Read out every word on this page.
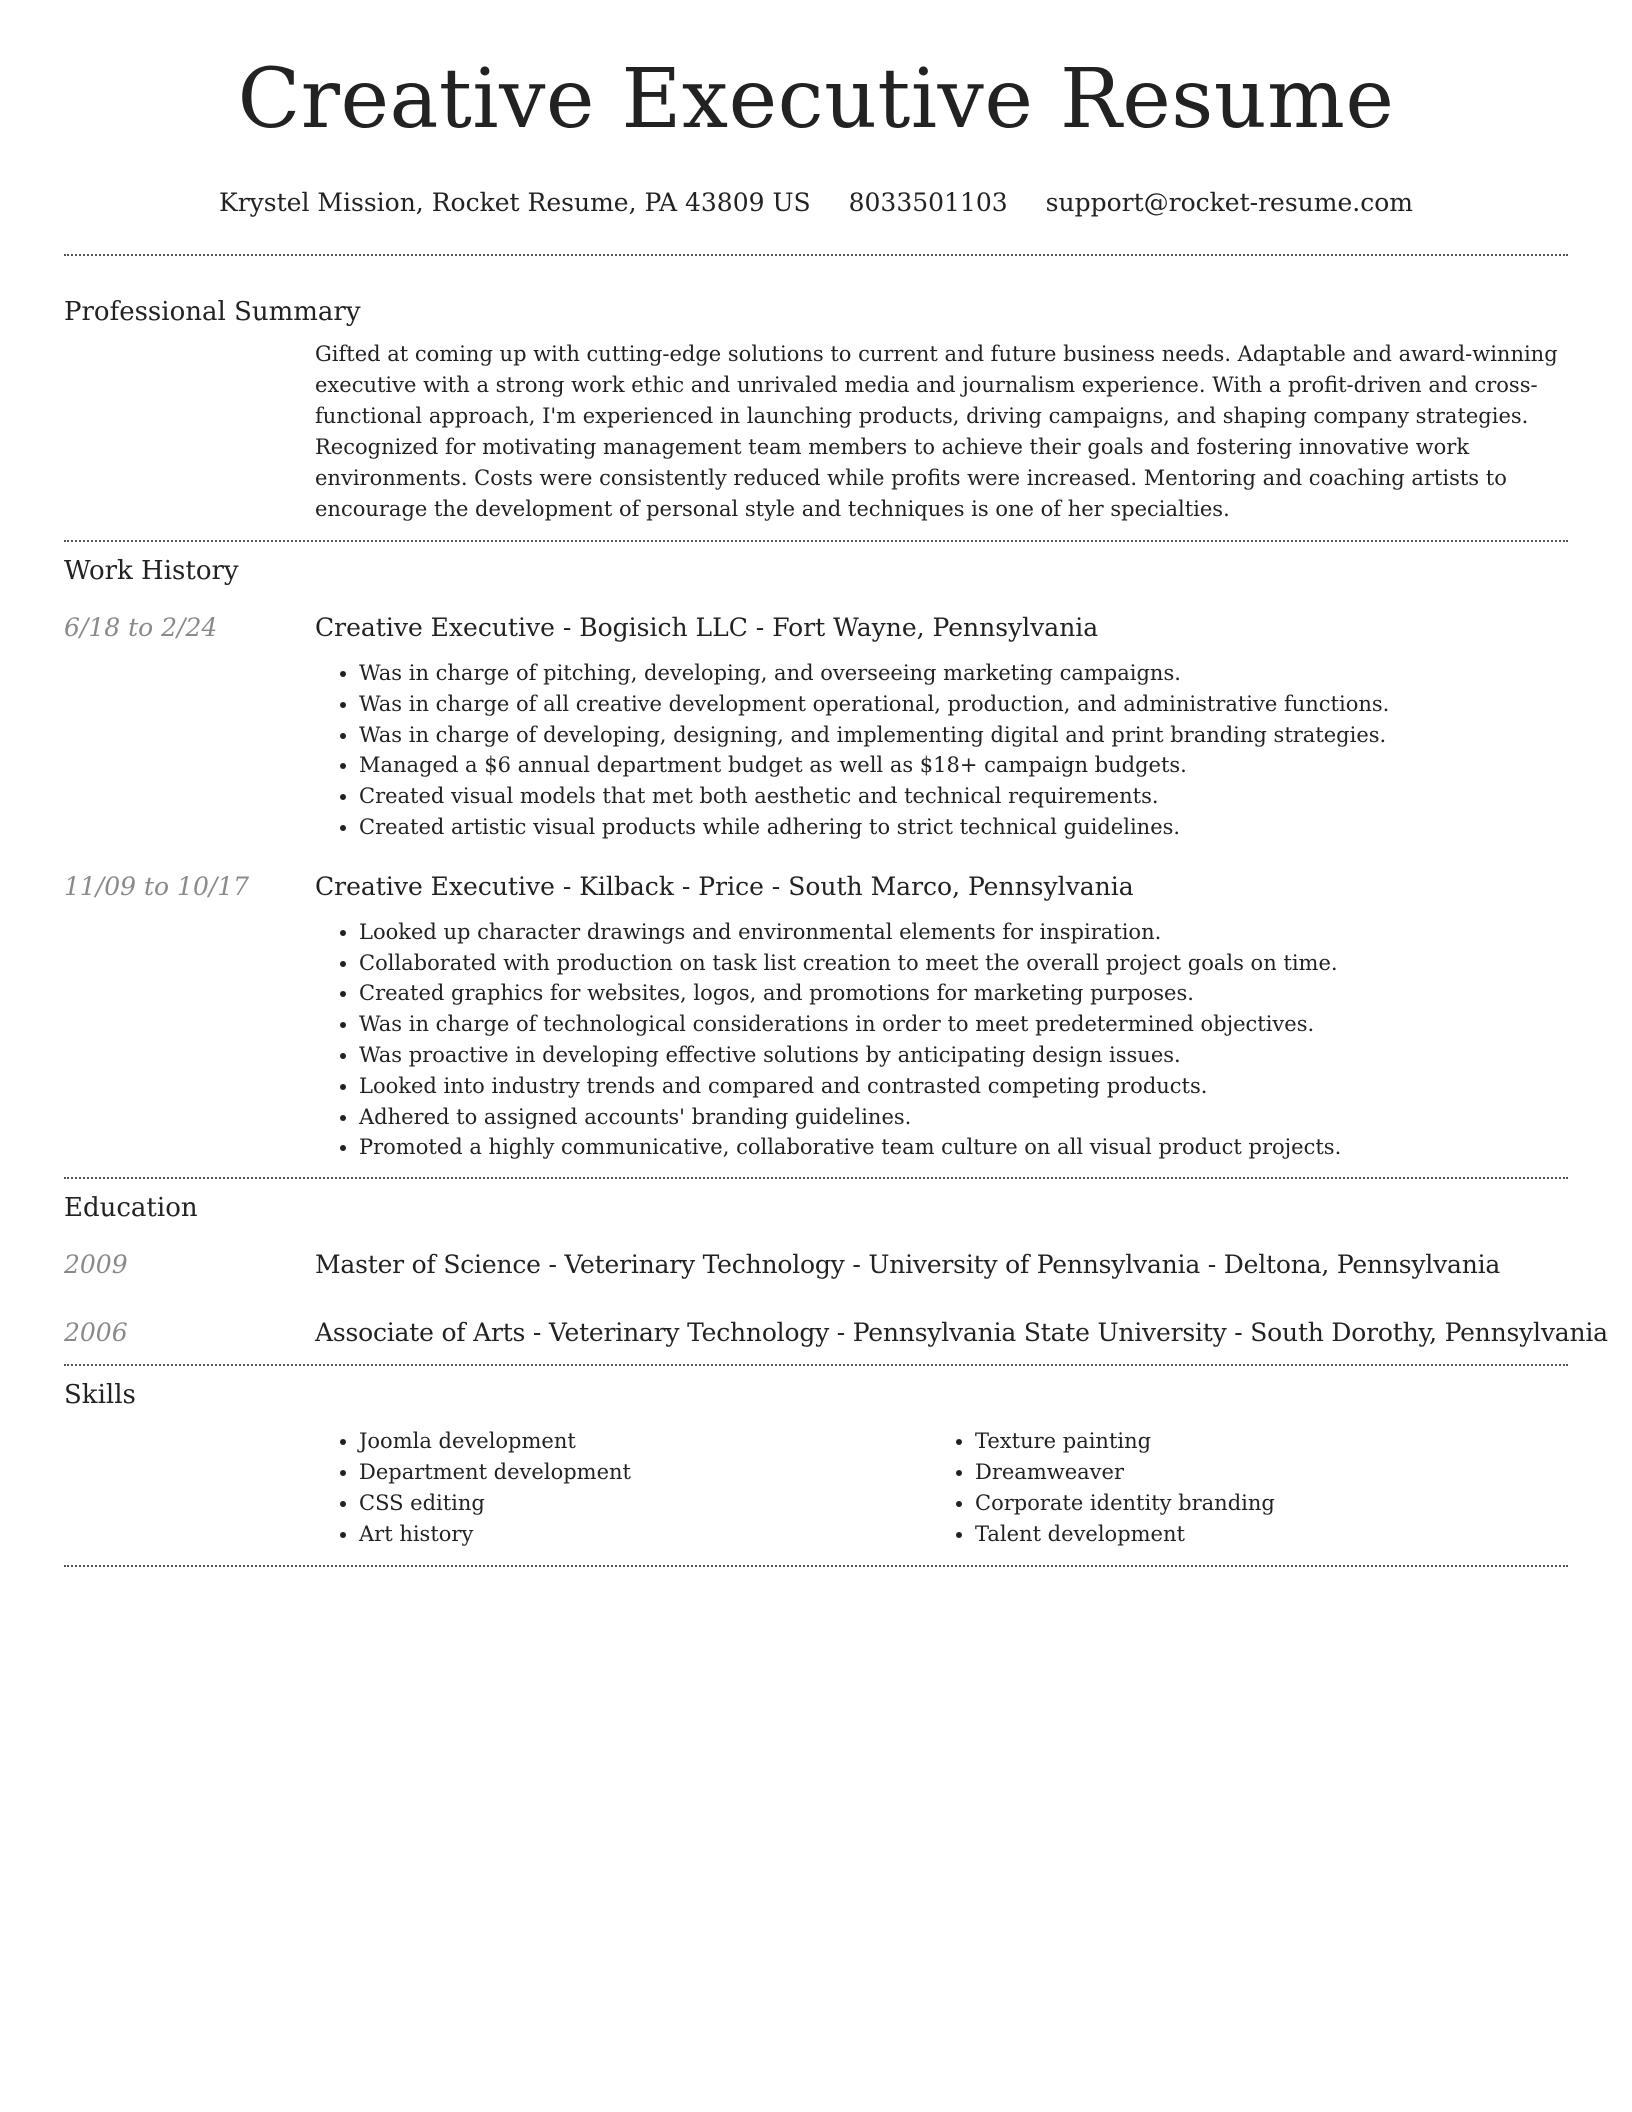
Creative Executive Resume
Krystel Mission, Rocket Resume, PA 43809 US 8033501103 support@rocket-resume.com
Professional Summary
Gifted at coming up with cutting-edge solutions to current and future business needs. Adaptable and award-winning executive with a strong work ethic and unrivaled media and journalism experience. With a profit-driven and cross-functional approach, I'm experienced in launching products, driving campaigns, and shaping company strategies. Recognized for motivating management team members to achieve their goals and fostering innovative work environments. Costs were consistently reduced while profits were increased. Mentoring and coaching artists to encourage the development of personal style and techniques is one of her specialties.
Work History
6/18 to 2/24	Creative Executive - Bogisich LLC - Fort Wayne, Pennsylvania
• Was in charge of pitching, developing, and overseeing marketing campaigns.
• Was in charge of all creative development operational, production, and administrative functions.
• Was in charge of developing, designing, and implementing digital and print branding strategies.
• Managed a $6 annual department budget as well as $18+ campaign budgets.
• Created visual models that met both aesthetic and technical requirements.
• Created artistic visual products while adhering to strict technical guidelines.
11/09 to 10/17	Creative Executive - Kilback - Price - South Marco, Pennsylvania
• Looked up character drawings and environmental elements for inspiration.
• Collaborated with production on task list creation to meet the overall project goals on time.
• Created graphics for websites, logos, and promotions for marketing purposes.
• Was in charge of technological considerations in order to meet predetermined objectives.
• Was proactive in developing effective solutions by anticipating design issues.
• Looked into industry trends and compared and contrasted competing products.
• Adhered to assigned accounts' branding guidelines.
• Promoted a highly communicative, collaborative team culture on all visual product projects.
Education
2009	Master of Science - Veterinary Technology - University of Pennsylvania - Deltona, Pennsylvania
2006	Associate of Arts - Veterinary Technology - Pennsylvania State University - South Dorothy, Pennsylvania
Skills
• Joomla development
• Department development
• CSS editing
• Art history
• Texture painting
• Dreamweaver
• Corporate identity branding
• Talent development
